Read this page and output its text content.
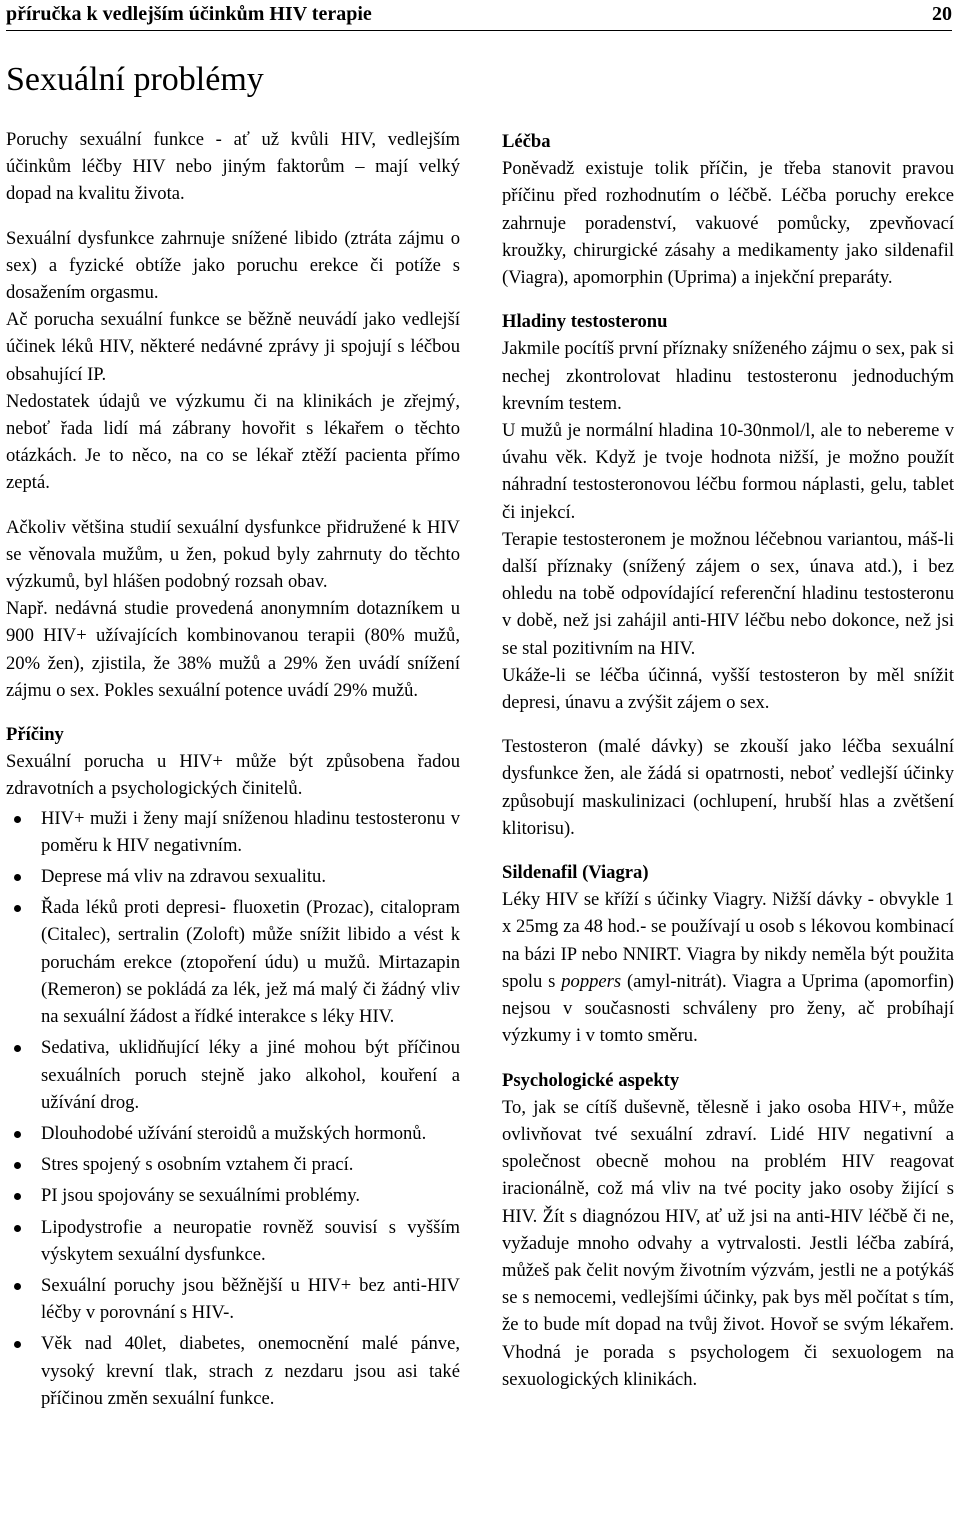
příručka k vedlejším účinkům HIV terapie	20
Sexuální problémy

Poruchy sexuální funkce - ať už kvůli HIV, vedlejším účinkům léčby HIV nebo jiným faktorům – mají velký dopad na kvalitu života.

Sexuální dysfunkce zahrnuje snížené libido (ztráta zájmu o sex) a fyzické obtíže jako poruchu erekce či potíže s dosažením orgasmu.

Ač porucha sexuální funkce se běžně neuvádí jako vedlejší účinek léků HIV, některé nedávné zprávy ji spojují s léčbou obsahující IP.

Nedostatek údajů ve výzkumu či na klinikách je zřejmý, neboť řada lidí má zábrany hovořit s lékařem o těchto otázkách. Je to něco, na co se lékař ztěží pacienta přímo zeptá.

Ačkoliv většina studií sexuální dysfunkce přidružené k HIV se věnovala mužům, u žen, pokud byly zahrnuty do těchto výzkumů, byl hlášen podobný rozsah obav.

Např. nedávná studie provedená anonymním dotazníkem u 900 HIV+ užívajících kombinovanou terapii (80% mužů, 20% žen), zjistila, že 38% mužů a 29% žen uvádí snížení zájmu o sex. Pokles sexuální potence uvádí 29% mužů.

Příčiny

Sexuální porucha u HIV+ může být způsobena řadou zdravotních a psychologických činitelů.

HIV+ muži i ženy mají sníženou hladinu testosteronu v poměru k HIV negativním.
Deprese má vliv na zdravou sexualitu.
Řada léků proti depresi- fluoxetin (Prozac), citalopram (Citalec), sertralin (Zoloft) může snížit libido a vést k poruchám erekce (ztopoření údu) u mužů. Mirtazapin (Remeron) se pokládá za lék, jež má malý či žádný vliv na sexuální žádost a řídké interakce s léky HIV.
Sedativa, uklidňující léky a jiné mohou být příčinou sexuálních poruch stejně jako alkohol, kouření a užívání drog.
Dlouhodobé užívání steroidů a mužských hormonů.
Stres spojený s osobním vztahem či prací.
PI jsou spojovány se sexuálními problémy.
Lipodystrofie a neuropatie rovněž souvisí s vyšším výskytem sexuální dysfunkce.
Sexuální poruchy jsou běžnější u HIV+ bez anti-HIV léčby v porovnání s HIV-.
Věk nad 40let, diabetes, onemocnění malé pánve, vysoký krevní tlak, strach z nezdaru jsou asi také příčinou změn sexuální funkce.
Léčba

Poněvadž existuje tolik příčin, je třeba stanovit pravou příčinu před rozhodnutím o léčbě. Léčba poruchy erekce zahrnuje poradenství, vakuové pomůcky, zpevňovací kroužky, chirurgické zásahy a medikamenty jako sildenafil (Viagra), apomorphin (Uprima) a injekční preparáty.

Hladiny testosteronu

Jakmile pocítíš první příznaky sníženého zájmu o sex, pak si nechej zkontrolovat hladinu testosteronu jednoduchým krevním testem.

U mužů je normální hladina 10-30nmol/l, ale to nebereme v úvahu věk. Když je tvoje hodnota nižší, je možno použít náhradní testosteronovou léčbu formou náplasti, gelu, tablet či injekcí.

Terapie testosteronem je možnou léčebnou variantou, máš-li další příznaky (snížený zájem o sex, únava atd.), i bez ohledu na tobě odpovídající referenční hladinu testosteronu v době, než jsi zahájil anti-HIV léčbu nebo dokonce, než jsi se stal pozitivním na HIV.

Ukáže-li se léčba účinná, vyšší testosteron by měl snížit depresi, únavu a zvýšit zájem o sex.

Testosteron (malé dávky) se zkouší jako léčba sexuální dysfunkce žen, ale žádá si opatrnosti, neboť vedlejší účinky způsobují maskulinizaci (ochlupení, hrubší hlas a zvětšení klitorisu).

Sildenafil (Viagra)

Léky HIV se kříží s účinky Viagry. Nižší dávky - obvykle 1 x 25mg za 48 hod.- se používají u osob s lékovou kombinací na bázi IP nebo NNIRT. Viagra by nikdy neměla být použita spolu s poppers (amyl-nitrát). Viagra a Uprima (apomorfin) nejsou v současnosti schváleny pro ženy, ač probíhají výzkumy i v tomto směru.

Psychologické aspekty

To, jak se cítíš duševně, tělesně i jako osoba HIV+, může ovlivňovat tvé sexuální zdraví. Lidé HIV negativní a společnost obecně mohou na problém HIV reagovat iracionálně, což má vliv na tvé pocity jako osoby žijící s HIV. Žít s diagnózou HIV, ať už jsi na anti-HIV léčbě či ne, vyžaduje mnoho odvahy a vytrvalosti. Jestli léčba zabírá, můžeš pak čelit novým životním výzvám, jestli ne a potýkáš se s nemocemi, vedlejšími účinky, pak bys měl počítat s tím, že to bude mít dopad na tvůj život. Hovoř se svým lékařem. Vhodná je porada s psychologem či sexuologem na sexuologických klinikách.
